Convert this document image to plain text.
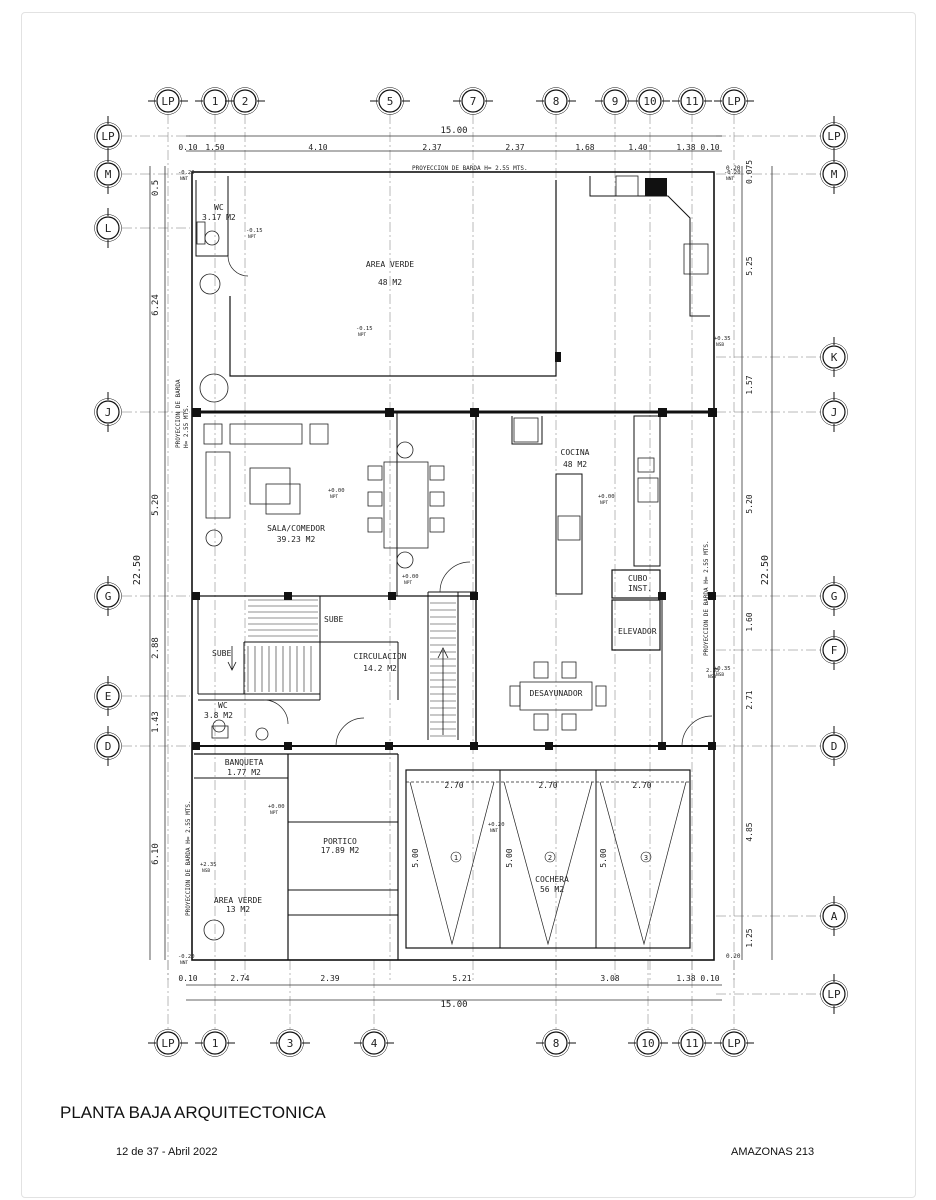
LP	1 2	5	7	8	9 10	11	LP
LP	1	3	4	8	10	11	LP
LP
M
L
J
G
E
D
LP
M
K
J
G
F
D
A
LP
15.00
0.10 1.50	4.10	2.37	2.37	1.68	1.40	1.38 0.10
15.00
0.10	2.74	2.39	5.21	3.08	1.38 0.10
0.5
6.24
5.20
2.88
1.43
6.10
0.075
5.25
1.57
5.20
1.60
2.71
4.85
1.25
22.50	22.50
WC
3.17 M2
AREA VERDE
48 M2
SALA/COMEDOR
39.23 M2
COCINA
48 M2
CIRCULACION
14.2 M2
CUBO
INST.
ELEVADOR
DESAYUNADOR
WC
3.8 M2
BANQUETA
1.77 M2
PORTICO
17.89 M2
AREA VERDE
13 M2
COCHERA
56 M2
SUBE
SUBE
PROYECCION DE BARDA H= 2.55 MTS.
PROYECCION DE BARDA H= 2.55 MTS.
PROYECCION DE BARDA H= 2.55 MTS.
PROYECCION DE BARDA H= 2.55 MTS.
2.70	2.70	2.70
5.00	5.00	5.00
1	2	3
0.20
0.20
-0.15
NPT
+0.00
NPT	+0.00
NPT
+0.00
NPT
-0.15
NPT
+0.35
NSB
+0.35
NSB
+2.35
NSB
+0.00
NPT
-0.20
NNT
-0.20
NNT
+0.20
NNT
-0.20
NNT
2.35
NSB
PLANTA BAJA ARQUITECTONICA
12 de 37 - Abril 2022	AMAZONAS 213
